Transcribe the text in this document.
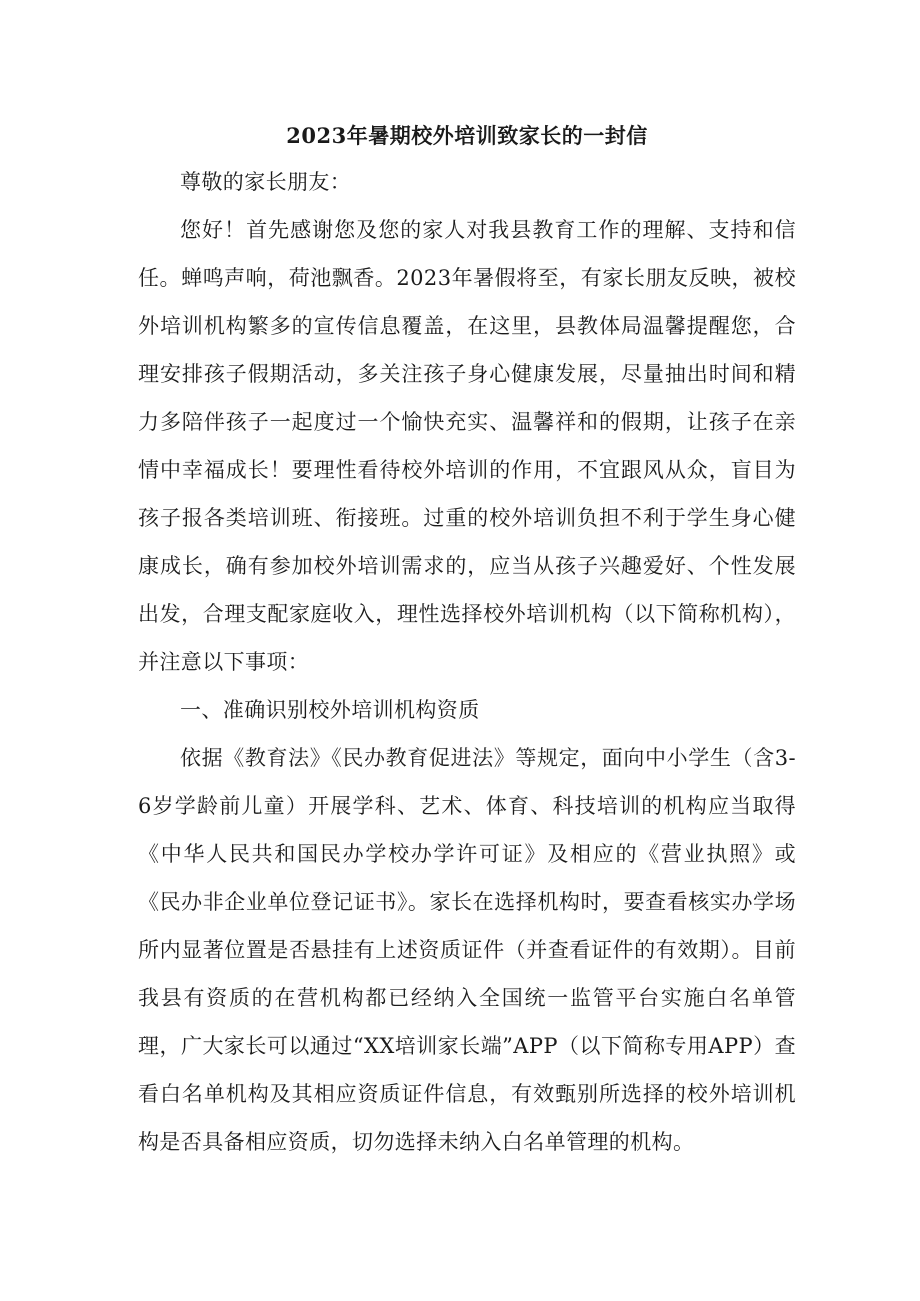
2023年暑期校外培训致家长的一封信

尊敬的家长朋友：

您好！首先感谢您及您的家人对我县教育工作的理解、支持和信任。蝉鸣声响，荷池飘香。2023年暑假将至，有家长朋友反映，被校外培训机构繁多的宣传信息覆盖，在这里，县教体局温馨提醒您，合理安排孩子假期活动，多关注孩子身心健康发展，尽量抽出时间和精力多陪伴孩子一起度过一个愉快充实、温馨祥和的假期，让孩子在亲情中幸福成长！要理性看待校外培训的作用，不宜跟风从众，盲目为孩子报各类培训班、衔接班。过重的校外培训负担不利于学生身心健康成长，确有参加校外培训需求的，应当从孩子兴趣爱好、个性发展出发，合理支配家庭收入，理性选择校外培训机构（以下简称机构），并注意以下事项：

一、准确识别校外培训机构资质

依据《教育法》《民办教育促进法》等规定，面向中小学生（含3-6岁学龄前儿童）开展学科、艺术、体育、科技培训的机构应当取得《中华人民共和国民办学校办学许可证》及相应的《营业执照》或《民办非企业单位登记证书》。家长在选择机构时，要查看核实办学场所内显著位置是否悬挂有上述资质证件（并查看证件的有效期）。目前我县有资质的在营机构都已经纳入全国统一监管平台实施白名单管理，广大家长可以通过“XX培训家长端”APP（以下简称专用APP）查看白名单机构及其相应资质证件信息，有效甄别所选择的校外培训机构是否具备相应资质，切勿选择未纳入白名单管理的机构。
